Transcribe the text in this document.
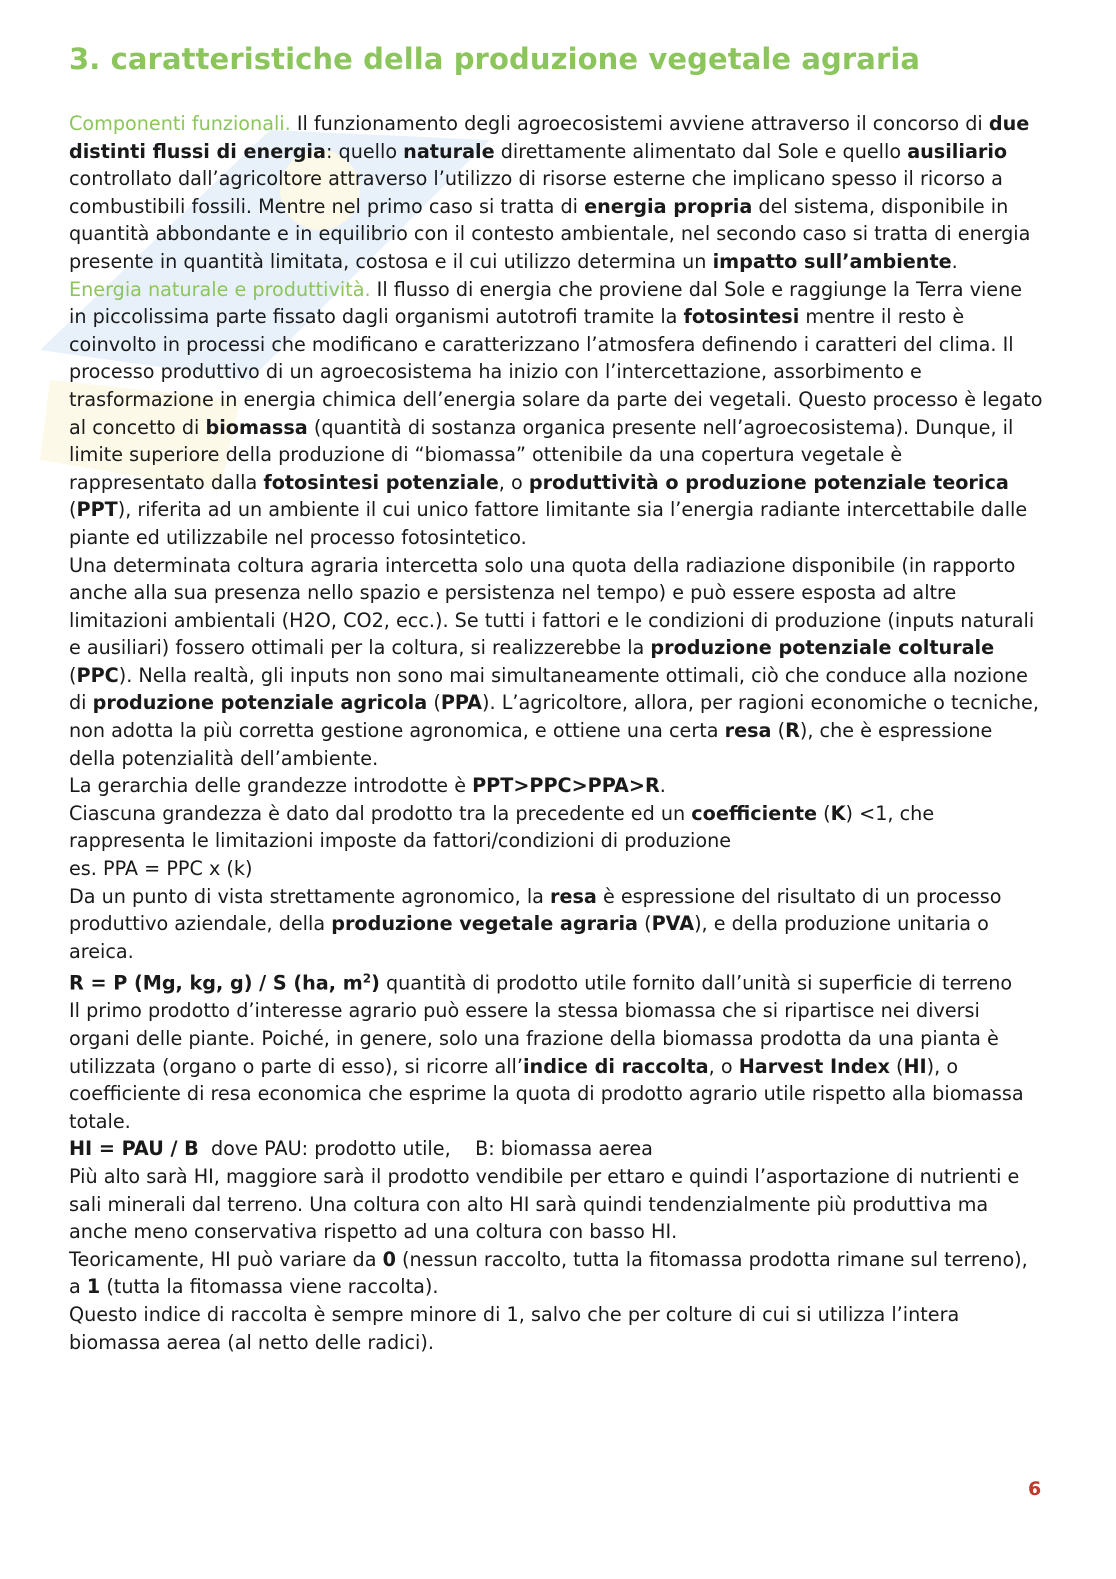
3. caratteristiche della produzione vegetale agraria

Componenti funzionali. Il funzionamento degli agroecosistemi avviene attraverso il concorso di due distinti flussi di energia: quello naturale direttamente alimentato dal Sole e quello ausiliario controllato dall’agricoltore attraverso l’utilizzo di risorse esterne che implicano spesso il ricorso a combustibili fossili. Mentre nel primo caso si tratta di energia propria del sistema, disponibile in quantità abbondante e in equilibrio con il contesto ambientale, nel secondo caso si tratta di energia presente in quantità limitata, costosa e il cui utilizzo determina un impatto sull’ambiente.

Energia naturale e produttività. Il flusso di energia che proviene dal Sole e raggiunge la Terra viene in piccolissima parte fissato dagli organismi autotrofi tramite la fotosintesi mentre il resto è coinvolto in processi che modificano e caratterizzano l’atmosfera definendo i caratteri del clima. Il processo produttivo di un agroecosistema ha inizio con l’intercettazione, assorbimento e trasformazione in energia chimica dell’energia solare da parte dei vegetali. Questo processo è legato al concetto di biomassa (quantità di sostanza organica presente nell’agroecosistema). Dunque, il limite superiore della produzione di “biomassa” ottenibile da una copertura vegetale è rappresentato dalla fotosintesi potenziale, o produttività o produzione potenziale teorica (PPT), riferita ad un ambiente il cui unico fattore limitante sia l’energia radiante intercettabile dalle piante ed utilizzabile nel processo fotosintetico.

Una determinata coltura agraria intercetta solo una quota della radiazione disponibile (in rapporto anche alla sua presenza nello spazio e persistenza nel tempo) e può essere esposta ad altre limitazioni ambientali (H2O, CO2, ecc.). Se tutti i fattori e le condizioni di produzione (inputs naturali e ausiliari) fossero ottimali per la coltura, si realizzerebbe la produzione potenziale colturale (PPC). Nella realtà, gli inputs non sono mai simultaneamente ottimali, ciò che conduce alla nozione di produzione potenziale agricola (PPA). L’agricoltore, allora, per ragioni economiche o tecniche, non adotta la più corretta gestione agronomica, e ottiene una certa resa (R), che è espressione della potenzialità dell’ambiente.

La gerarchia delle grandezze introdotte è PPT>PPC>PPA>R.

Ciascuna grandezza è dato dal prodotto tra la precedente ed un coefficiente (K) <1, che rappresenta le limitazioni imposte da fattori/condizioni di produzione

es. PPA = PPC x (k)

Da un punto di vista strettamente agronomico, la resa è espressione del risultato di un processo produttivo aziendale, della produzione vegetale agraria (PVA), e della produzione unitaria o areica.

R = P (Mg, kg, g) / S (ha, $m^2$) quantità di prodotto utile fornito dall’unità si superficie di terreno

Il primo prodotto d’interesse agrario può essere la stessa biomassa che si ripartisce nei diversi organi delle piante. Poiché, in genere, solo una frazione della biomassa prodotta da una pianta è utilizzata (organo o parte di esso), si ricorre all’indice di raccolta, o Harvest Index (HI), o coefficiente di resa economica che esprime la quota di prodotto agrario utile rispetto alla biomassa totale.

HI = PAU / B  dove PAU: prodotto utile,    B: biomassa aerea

Più alto sarà HI, maggiore sarà il prodotto vendibile per ettaro e quindi l’asportazione di nutrienti e sali minerali dal terreno. Una coltura con alto HI sarà quindi tendenzialmente più produttiva ma anche meno conservativa rispetto ad una coltura con basso HI.

Teoricamente, HI può variare da 0 (nessun raccolto, tutta la fitomassa prodotta rimane sul terreno), a 1 (tutta la fitomassa viene raccolta).

Questo indice di raccolta è sempre minore di 1, salvo che per colture di cui si utilizza l’intera biomassa aerea (al netto delle radici).

6
